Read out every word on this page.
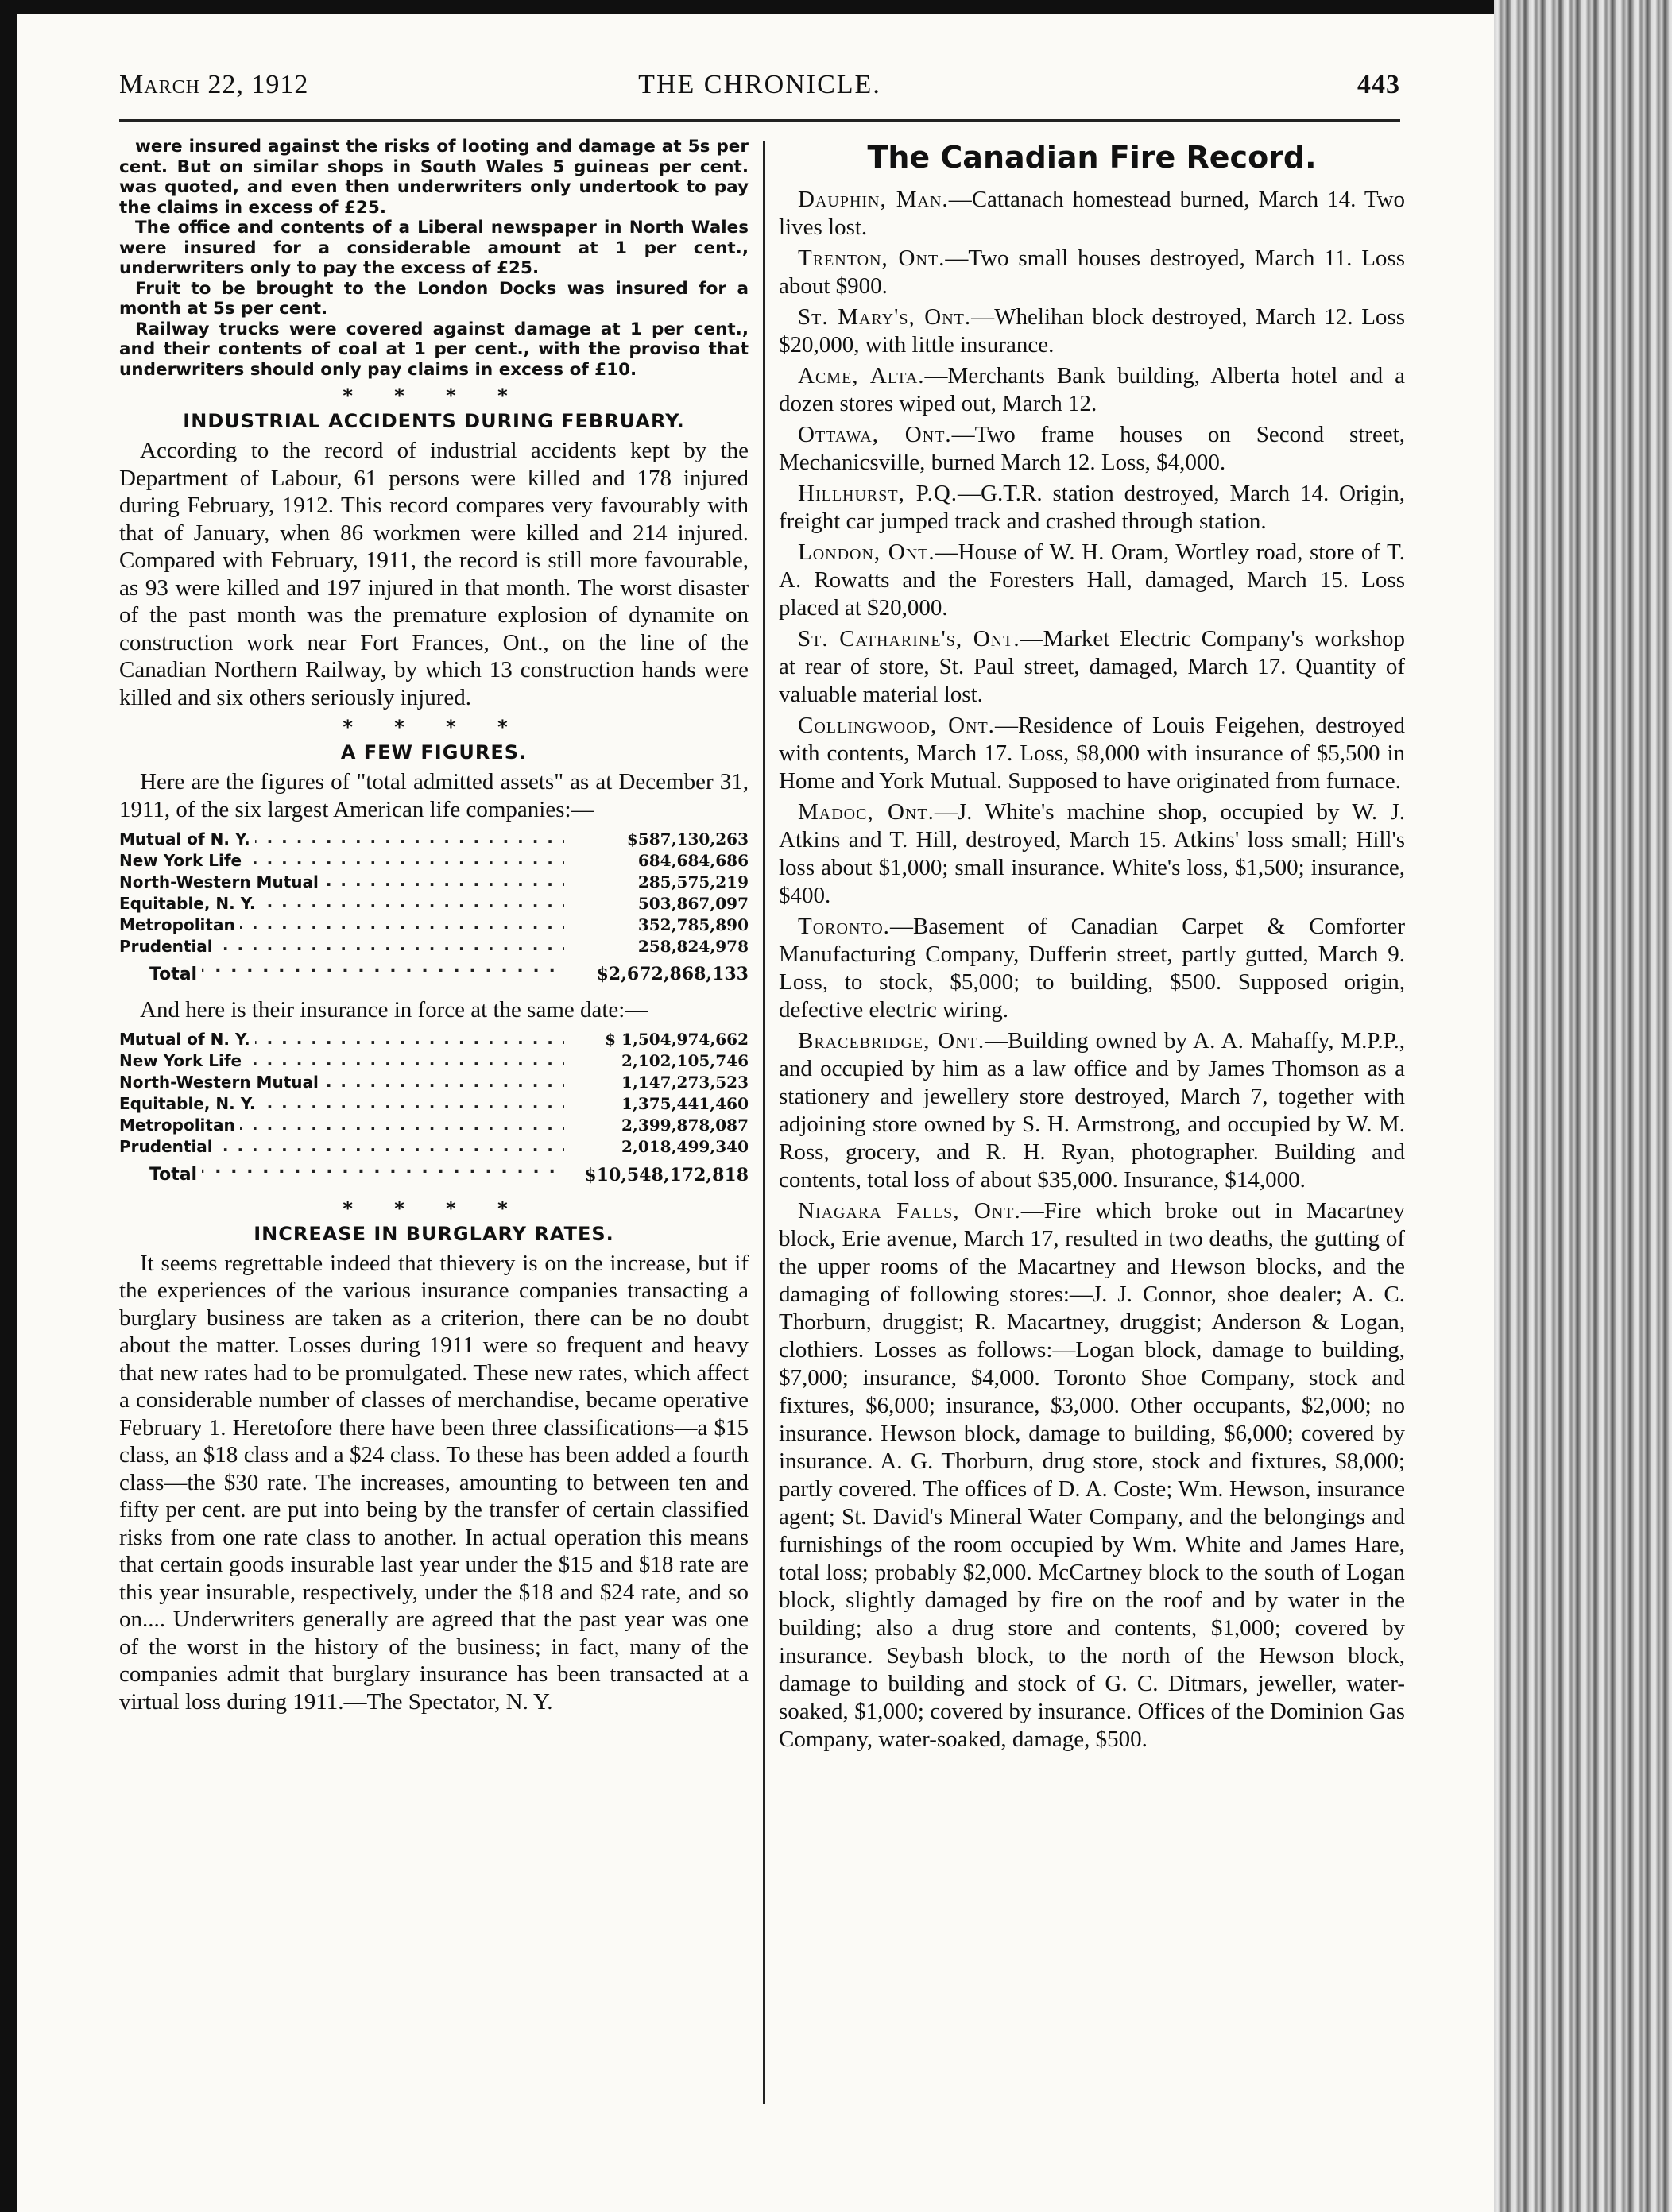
March 22, 1912	THE CHRONICLE.	443

were insured against the risks of looting and damage at 5s per cent. But on similar shops in South Wales 5 guineas per cent. was quoted, and even then underwriters only undertook to pay the claims in excess of £25.

The office and contents of a Liberal newspaper in North Wales were insured for a considerable amount at 1 per cent., underwriters only to pay the excess of £25.

Fruit to be brought to the London Docks was insured for a month at 5s per cent.

Railway trucks were covered against damage at 1 per cent., and their contents of coal at 1 per cent., with the proviso that underwriters should only pay claims in excess of £10.

* * * *
INDUSTRIAL ACCIDENTS DURING FEBRUARY.

According to the record of industrial accidents kept by the Department of Labour, 61 persons were killed and 178 injured during February, 1912. This record compares very favourably with that of January, when 86 workmen were killed and 214 injured. Compared with February, 1911, the record is still more favourable, as 93 were killed and 197 injured in that month. The worst disaster of the past month was the premature explosion of dynamite on construction work near Fort Frances, Ont., on the line of the Canadian Northern Railway, by which 13 construction hands were killed and six others seriously injured.

* * * *
A FEW FIGURES.

Here are the figures of "total admitted assets" as at December 31, 1911, of the six largest American life companies:—

Mutual of N. Y. . . .	$587,130,263
New York Life . . .	684,684,686
North-Western Mutual . . .	285,575,219
Equitable, N. Y. . . .	503,867,097
Metropolitan . . .	352,785,890
Prudential . . .	258,824,978
Total . . .	$2,672,868,133

And here is their insurance in force at the same date:—

Mutual of N. Y. . . .	$ 1,504,974,662
New York Life . . .	2,102,105,746
North-Western Mutual . . .	1,147,273,523
Equitable, N. Y. . . .	1,375,441,460
Metropolitan . . .	2,399,878,087
Prudential . . .	2,018,499,340
Total . . .	$10,548,172,818
* * * *
INCREASE IN BURGLARY RATES.

It seems regrettable indeed that thievery is on the increase, but if the experiences of the various insurance companies transacting a burglary business are taken as a criterion, there can be no doubt about the matter. Losses during 1911 were so frequent and heavy that new rates had to be promulgated. These new rates, which affect a considerable number of classes of merchandise, became operative February 1. Heretofore there have been three classifications—a $15 class, an $18 class and a $24 class. To these has been added a fourth class—the $30 rate. The increases, amounting to between ten and fifty per cent. are put into being by the transfer of certain classified risks from one rate class to another. In actual operation this means that certain goods insurable last year under the $15 and $18 rate are this year insurable, respectively, under the $18 and $24 rate, and so on.... Underwriters generally are agreed that the past year was one of the worst in the history of the business; in fact, many of the companies admit that burglary insurance has been transacted at a virtual loss during 1911.—The Spectator, N. Y.

The Canadian Fire Record.

Dauphin, Man.—Cattanach homestead burned, March 14. Two lives lost.

Trenton, Ont.—Two small houses destroyed, March 11. Loss about $900.

St. Mary's, Ont.—Whelihan block destroyed, March 12. Loss $20,000, with little insurance.

Acme, Alta.—Merchants Bank building, Alberta hotel and a dozen stores wiped out, March 12.

Ottawa, Ont.—Two frame houses on Second street, Mechanicsville, burned March 12. Loss, $4,000.

Hillhurst, P.Q.—G.T.R. station destroyed, March 14. Origin, freight car jumped track and crashed through station.

London, Ont.—House of W. H. Oram, Wortley road, store of T. A. Rowatts and the Foresters Hall, damaged, March 15. Loss placed at $20,000.

St. Catharine's, Ont.—Market Electric Company's workshop at rear of store, St. Paul street, damaged, March 17. Quantity of valuable material lost.

Collingwood, Ont.—Residence of Louis Feigehen, destroyed with contents, March 17. Loss, $8,000 with insurance of $5,500 in Home and York Mutual. Supposed to have originated from furnace.

Madoc, Ont.—J. White's machine shop, occupied by W. J. Atkins and T. Hill, destroyed, March 15. Atkins' loss small; Hill's loss about $1,000; small insurance. White's loss, $1,500; insurance, $400.

Toronto.—Basement of Canadian Carpet & Comforter Manufacturing Company, Dufferin street, partly gutted, March 9. Loss, to stock, $5,000; to building, $500. Supposed origin, defective electric wiring.

Bracebridge, Ont.—Building owned by A. A. Mahaffy, M.P.P., and occupied by him as a law office and by James Thomson as a stationery and jewellery store destroyed, March 7, together with adjoining store owned by S. H. Armstrong, and occupied by W. M. Ross, grocery, and R. H. Ryan, photographer. Building and contents, total loss of about $35,000. Insurance, $14,000.

Niagara Falls, Ont.—Fire which broke out in Macartney block, Erie avenue, March 17, resulted in two deaths, the gutting of the upper rooms of the Macartney and Hewson blocks, and the damaging of following stores:—J. J. Connor, shoe dealer; A. C. Thorburn, druggist; R. Macartney, druggist; Anderson & Logan, clothiers. Losses as follows:—Logan block, damage to building, $7,000; insurance, $4,000. Toronto Shoe Company, stock and fixtures, $6,000; insurance, $3,000. Other occupants, $2,000; no insurance. Hewson block, damage to building, $6,000; covered by insurance. A. G. Thorburn, drug store, stock and fixtures, $8,000; partly covered. The offices of D. A. Coste; Wm. Hewson, insurance agent; St. David's Mineral Water Company, and the belongings and furnishings of the room occupied by Wm. White and James Hare, total loss; probably $2,000. McCartney block to the south of Logan block, slightly damaged by fire on the roof and by water in the building; also a drug store and contents, $1,000; covered by insurance. Seybash block, to the north of the Hewson block, damage to building and stock of G. C. Ditmars, jeweller, water-soaked, $1,000; covered by insurance. Offices of the Dominion Gas Company, water-soaked, damage, $500.
